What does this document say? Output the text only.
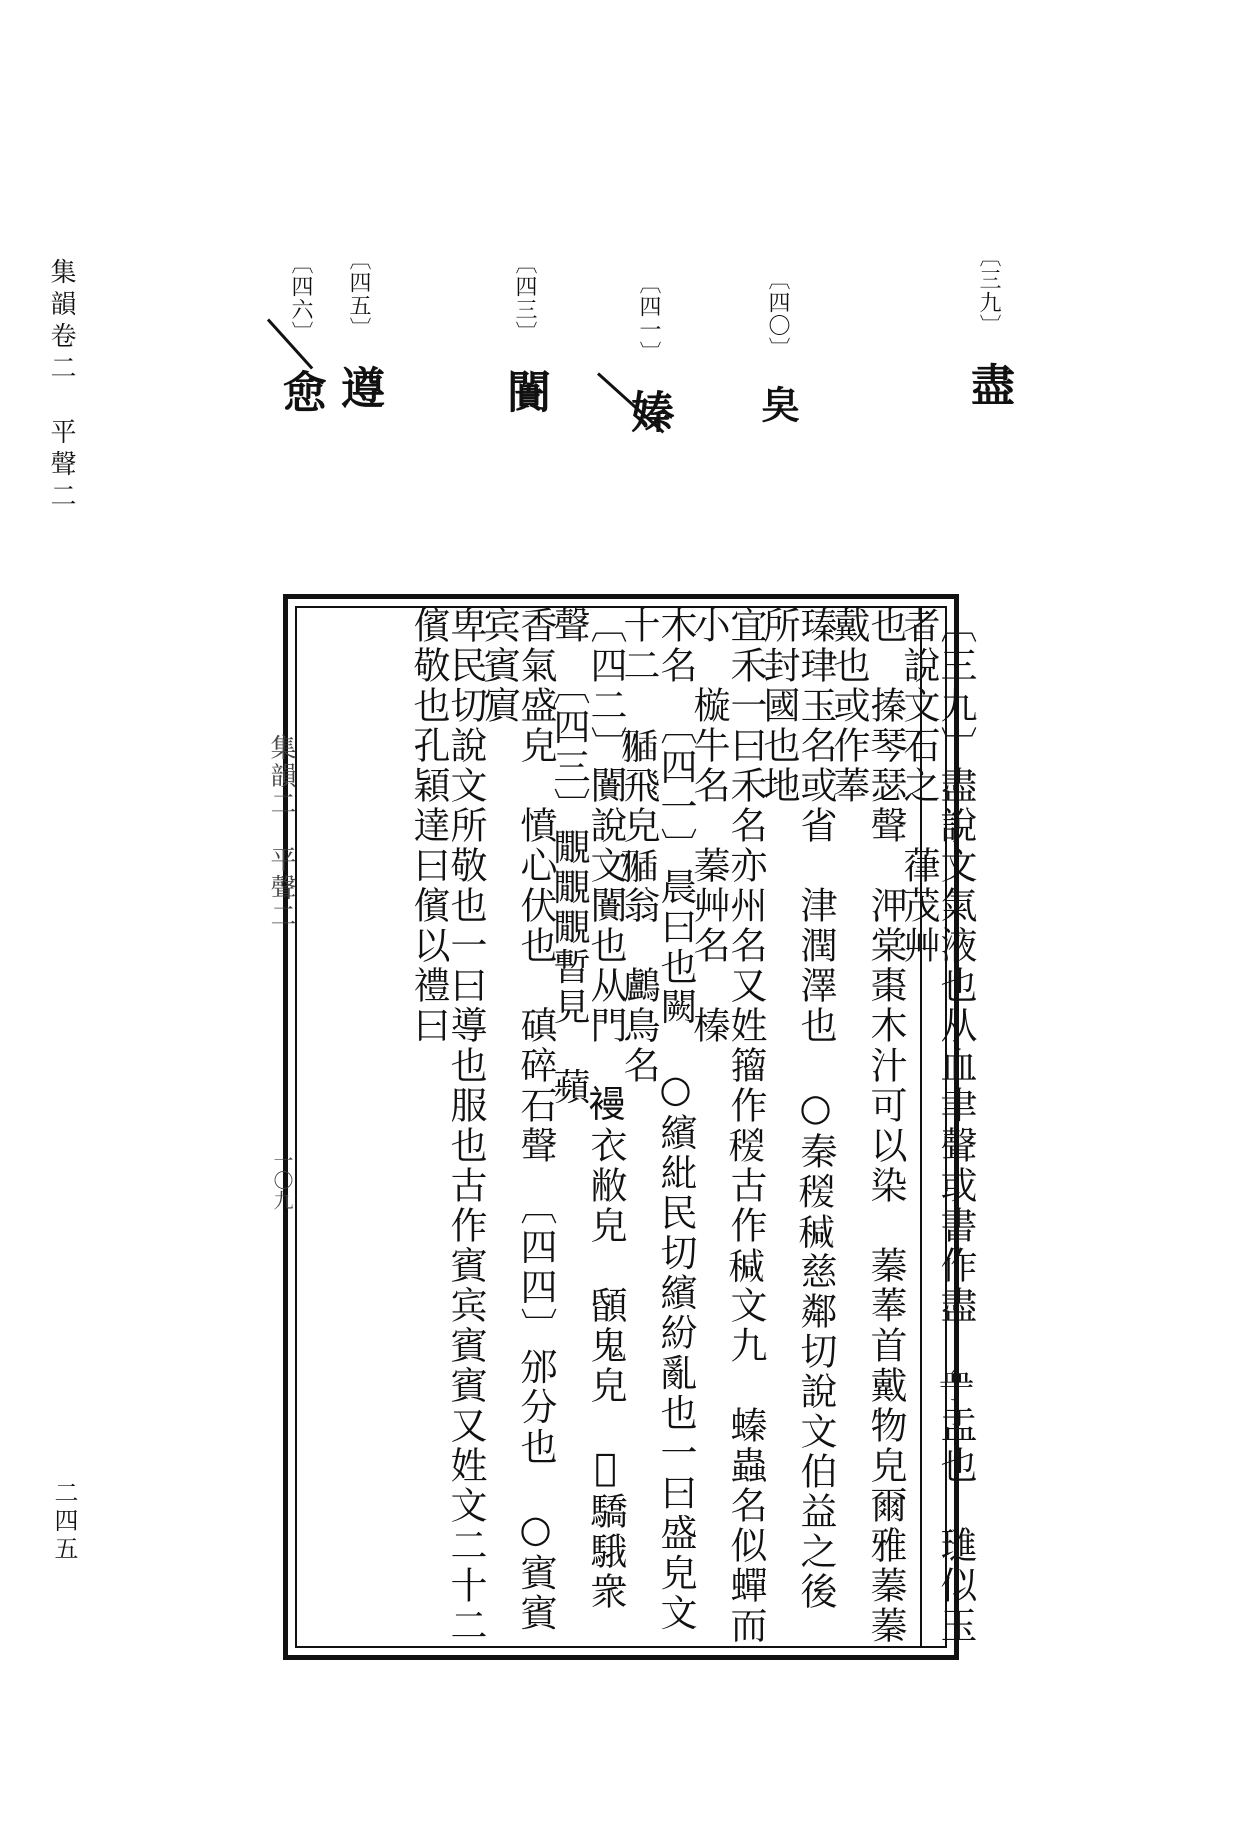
集韻卷二　平聲二
二四五
〔三九〕 盡
〔四〇〕 㚖
〔四一〕 嫀
〔四三〕 闠
〔四五〕 遵
〔四六〕 㥐
集韻二　平聲二
一〇九	〔三九〕盡說文氣液也从血聿聲或書作盡　𧖧盂也　璡似玉者說文石之　葎茂艸
也　搸琴瑟聲　㳌棠棗木汁可以染　蓁菶首戴物皃爾雅蓁蓁戴也或作菶
瑧珒玉名或省　津潤澤也　○秦𥟛𥠆慈鄰切說文伯益之後所封國也地
宜禾一曰禾名亦州名又姓籀作𥟛古作𥠆文九　螓蟲名似蟬而小　㯀牛名　蓁艸名　榛
木名　〔四一〕晨曰也闕　○繽紕民切繽紛亂也一曰盛皃文十二　𦑣飛皃𦑣翁　鸕鳥名
〔四二〕闠說文闠也从門　𧜞衣敝皃　䫒鬼皃　𩦭驕騀衆聲　〔四三〕覵覵覵暫見　蘋
香氣盛皃　憤心伏也　磌碎石聲　〔四四〕邠分也　○賓賓宾賓賔
卑民切說文所敬也一曰導也服也古作賓宾賓賓又姓文二十二　儐敬也孔穎達曰儐以禮曰
